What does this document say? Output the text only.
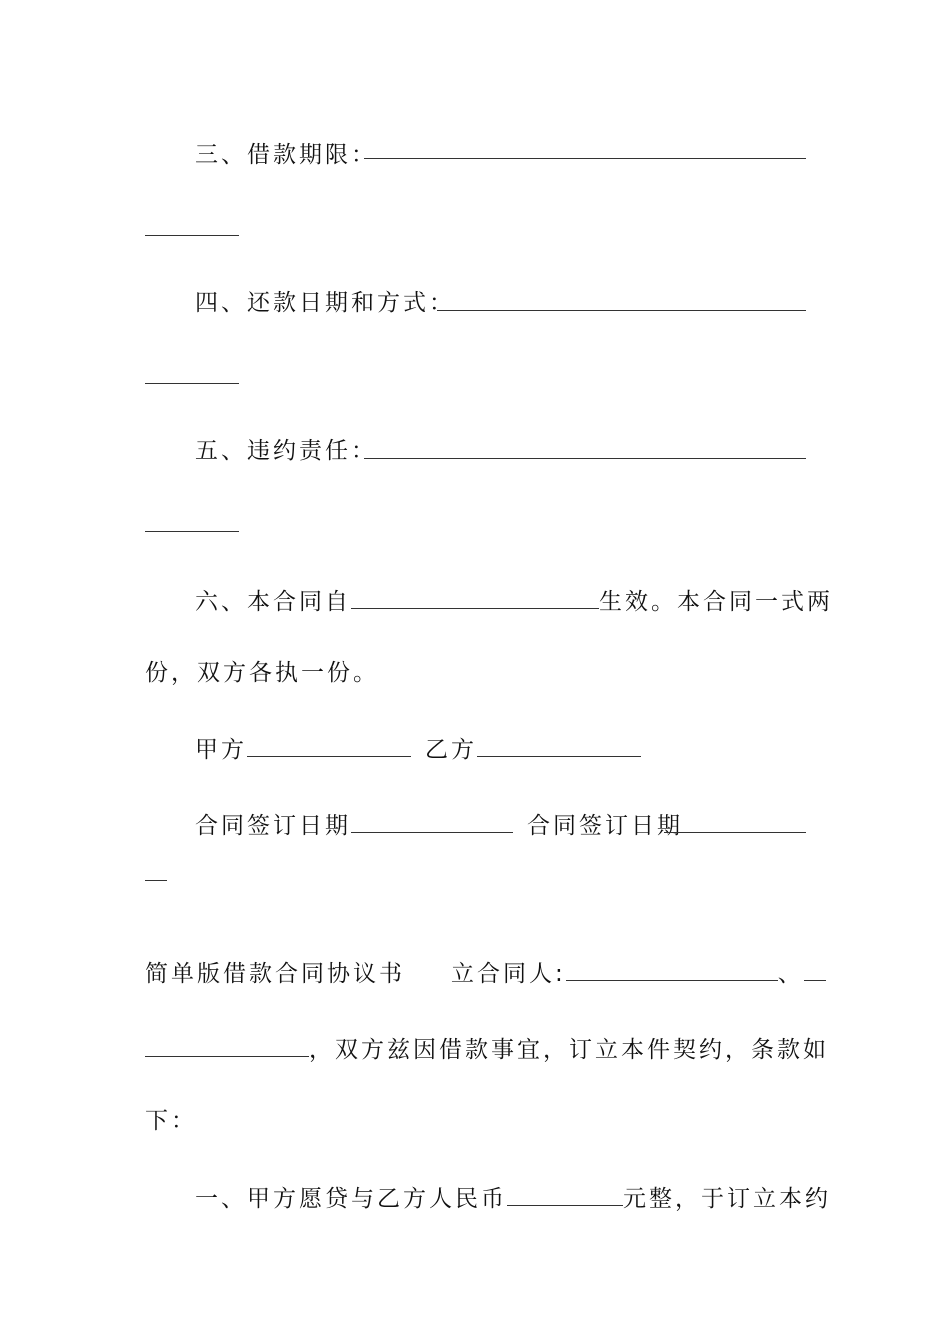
三、借款期限：
四、还款日期和方式：
五、违约责任：
六、本合同自	生效。本合同一式两
份，双方各执一份。
甲方	乙方
合同签订日期	合同签订日期
简单版借款合同协议书 立合同人:	、
，双方兹因借款事宜，订立本件契约，条款如
下：
一、甲方愿贷与乙方人民币	元整，于订立本约
